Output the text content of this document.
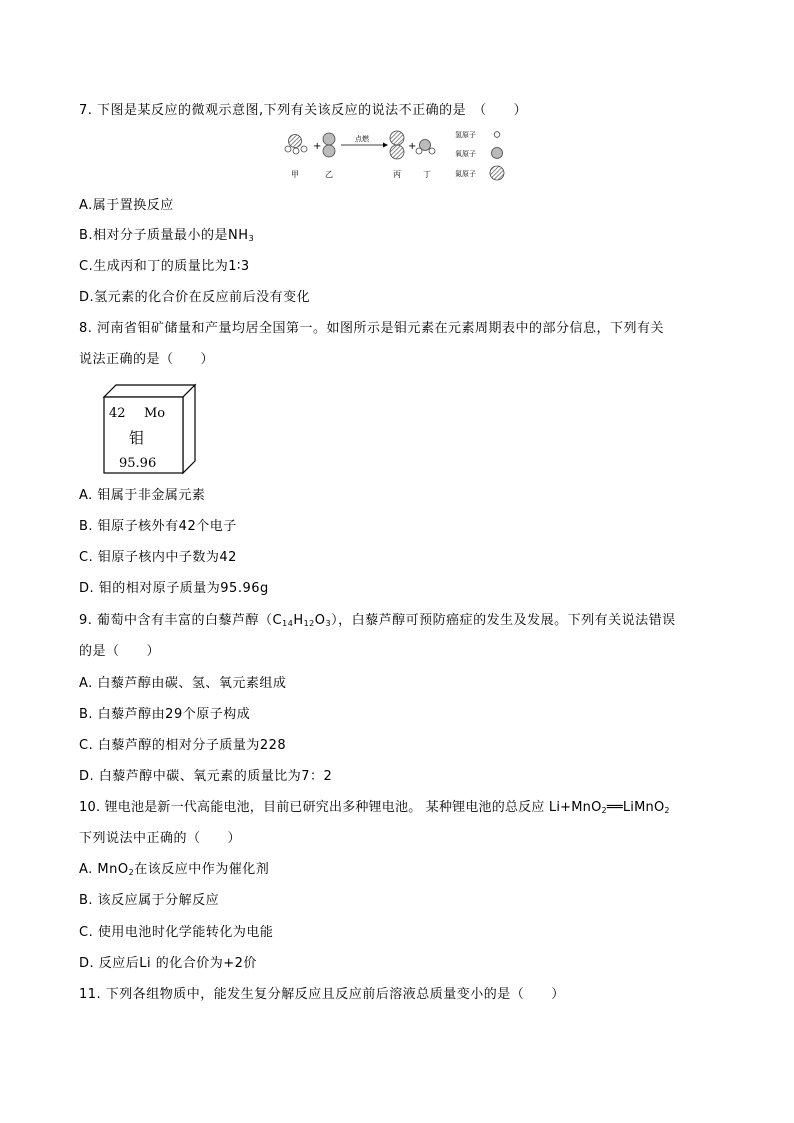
7. 下图是某反应的微观示意图,下列有关该反应的说法不正确的是　（　　）
+
点燃
+
甲	乙	丙	丁
氢原子
氧原子
氮原子
A.属于置换反应
B.相对分子质量最小的是$NH_3$
C.生成丙和丁的质量比为1∶3
D.氢元素的化合价在反应前后没有变化
8. 河南省钼矿储量和产量均居全国第一。如图所示是钼元素在元素周期表中的部分信息，下列有关
说法正确的是（　　）
42 Mo
钼
95.96
A. 钼属于非金属元素
B. 钼原子核外有42个电子
C. 钼原子核内中子数为42
D. 钼的相对原子质量为95.96g
9. 葡萄中含有丰富的白藜芦醇$(C_{14}H_{12}O_3)$，白藜芦醇可预防癌症的发生及发展。下列有关说法错误
的是（　　）
A. 白藜芦醇由碳、氢、氧元素组成
B. 白藜芦醇由29个原子构成
C. 白藜芦醇的相对分子质量为228
D. 白藜芦醇中碳、氧元素的质量比为7：2
10. 锂电池是新一代高能电池，目前已研究出多种锂电池。 某种锂电池的总反应 Li+MnO$_2$══LiMnO$_2$
下列说法中正确的（　　）
A. MnO$_2$在该反应中作为催化剂
B. 该反应属于分解反应
C. 使用电池时化学能转化为电能
D. 反应后Li 的化合价为+2价
11. 下列各组物质中，能发生复分解反应且反应前后溶液总质量变小的是（　　）
